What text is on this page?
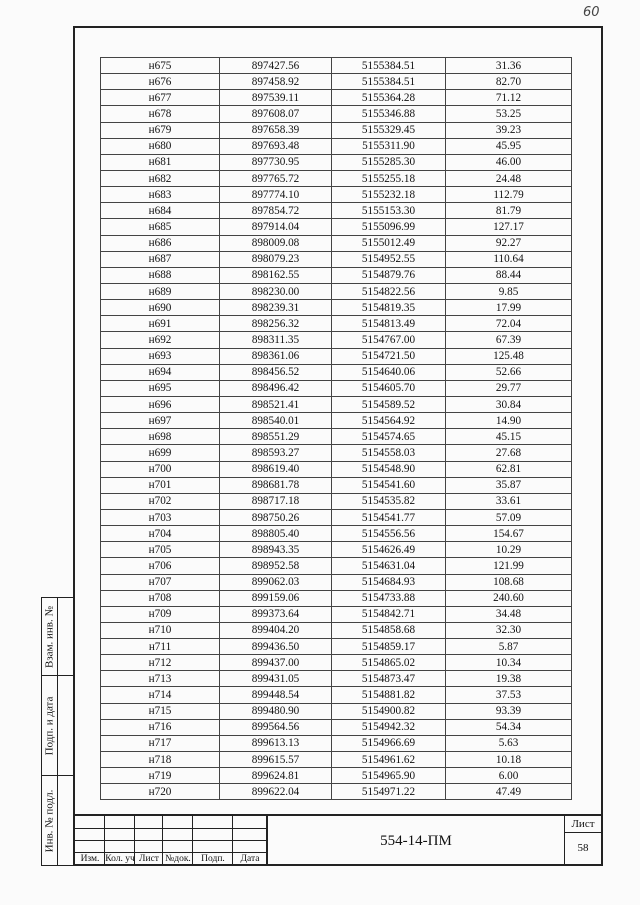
60
Взам. инв. №
Подп. и дата
Инв. № подл.
н675	897427.56	5155384.51	31.36
н676	897458.92	5155384.51	82.70
н677	897539.11	5155364.28	71.12
н678	897608.07	5155346.88	53.25
н679	897658.39	5155329.45	39.23
н680	897693.48	5155311.90	45.95
н681	897730.95	5155285.30	46.00
н682	897765.72	5155255.18	24.48
н683	897774.10	5155232.18	112.79
н684	897854.72	5155153.30	81.79
н685	897914.04	5155096.99	127.17
н686	898009.08	5155012.49	92.27
н687	898079.23	5154952.55	110.64
н688	898162.55	5154879.76	88.44
н689	898230.00	5154822.56	9.85
н690	898239.31	5154819.35	17.99
н691	898256.32	5154813.49	72.04
н692	898311.35	5154767.00	67.39
н693	898361.06	5154721.50	125.48
н694	898456.52	5154640.06	52.66
н695	898496.42	5154605.70	29.77
н696	898521.41	5154589.52	30.84
н697	898540.01	5154564.92	14.90
н698	898551.29	5154574.65	45.15
н699	898593.27	5154558.03	27.68
н700	898619.40	5154548.90	62.81
н701	898681.78	5154541.60	35.87
н702	898717.18	5154535.82	33.61
н703	898750.26	5154541.77	57.09
н704	898805.40	5154556.56	154.67
н705	898943.35	5154626.49	10.29
н706	898952.58	5154631.04	121.99
н707	899062.03	5154684.93	108.68
н708	899159.06	5154733.88	240.60
н709	899373.64	5154842.71	34.48
н710	899404.20	5154858.68	32.30
н711	899436.50	5154859.17	5.87
н712	899437.00	5154865.02	10.34
н713	899431.05	5154873.47	19.38
н714	899448.54	5154881.82	37.53
н715	899480.90	5154900.82	93.39
н716	899564.56	5154942.32	54.34
н717	899613.13	5154966.69	5.63
н718	899615.57	5154961.62	10.18
н719	899624.81	5154965.90	6.00
н720	899622.04	5154971.22	47.49
Изм. Кол. уч Лист №док.	Подп.	Дата
554-14-ПМ
Лист
58
